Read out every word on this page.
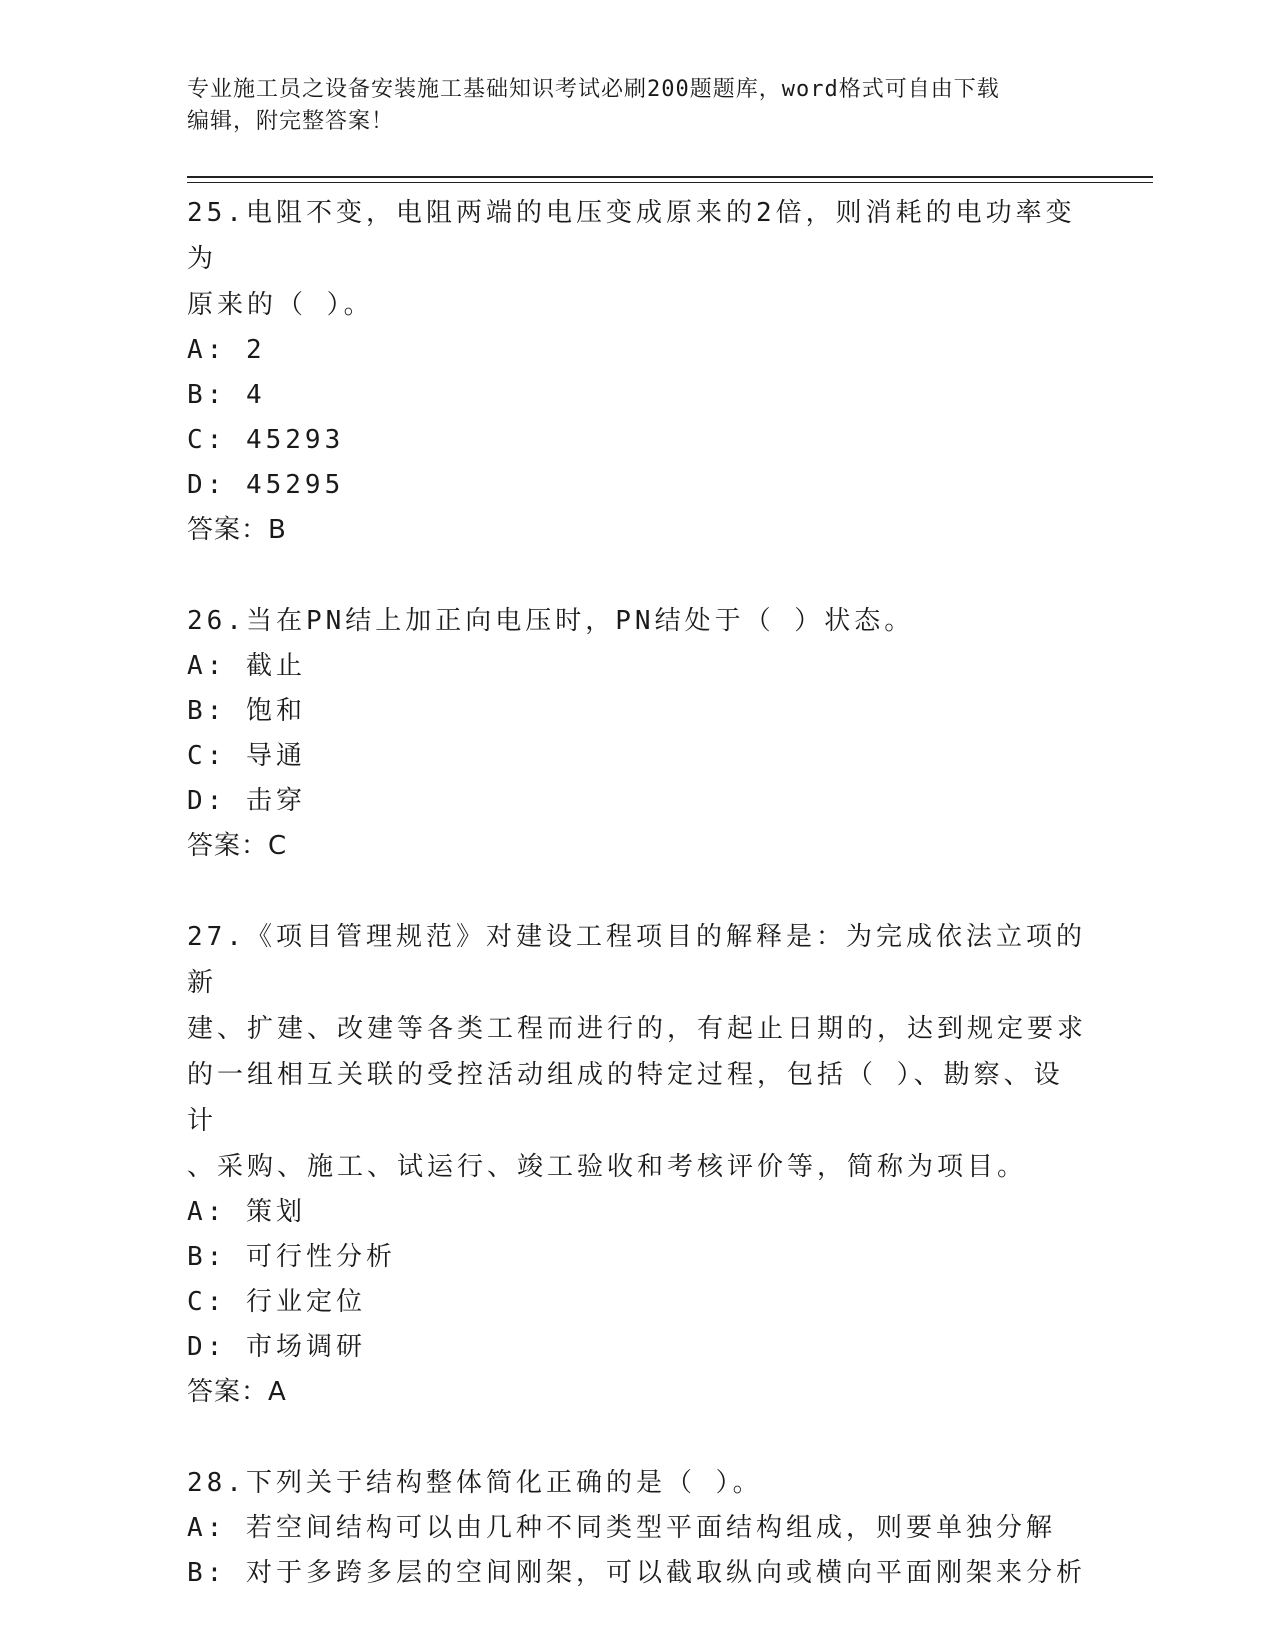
专业施工员之设备安装施工基础知识考试必刷200题题库，word格式可自由下载
编辑，附完整答案！

25.电阻不变，电阻两端的电压变成原来的2倍，则消耗的电功率变为
原来的（ ）。

A: 2

B: 4

C: 45293

D: 45295

答案：B

26.当在PN结上加正向电压时，PN结处于（ ）状态。

A: 截止

B: 饱和

C: 导通

D: 击穿

答案：C

27.《项目管理规范》对建设工程项目的解释是：为完成依法立项的新
建、扩建、改建等各类工程而进行的，有起止日期的，达到规定要求
的一组相互关联的受控活动组成的特定过程，包括（ ）、勘察、设计
、采购、施工、试运行、竣工验收和考核评价等，简称为项目。

A: 策划

B: 可行性分析

C: 行业定位

D: 市场调研

答案：A

28.下列关于结构整体简化正确的是（ ）。

A: 若空间结构可以由几种不同类型平面结构组成，则要单独分解

B: 对于多跨多层的空间刚架，可以截取纵向或横向平面刚架来分析
